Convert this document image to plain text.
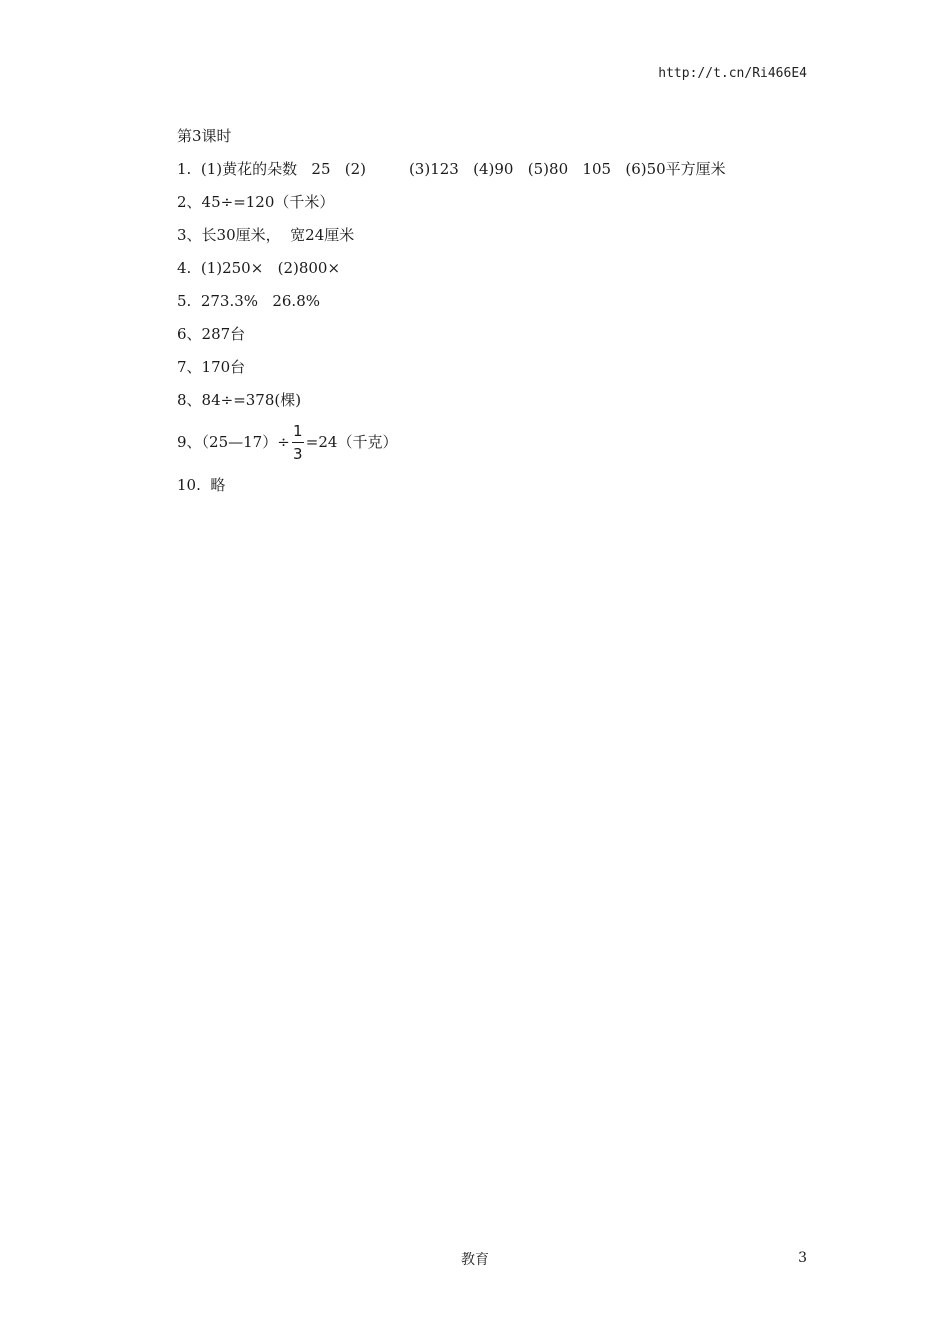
http://t.cn/Ri466E4
第3课时
1.  (1)黄花的朵数   25   (2)         (3)123   (4)90   (5)80   105   (6)50平方厘米
2、45÷=120（千米）
3、长30厘米，  宽24厘米
4.  (1)250×   (2)800×
5.  273.3%   26.8%
6、287台
7、170台
8、84÷=378(棵)
9、（25—17）÷ $\frac{1}{3} =24$（千克）
10.  略
教育	3
